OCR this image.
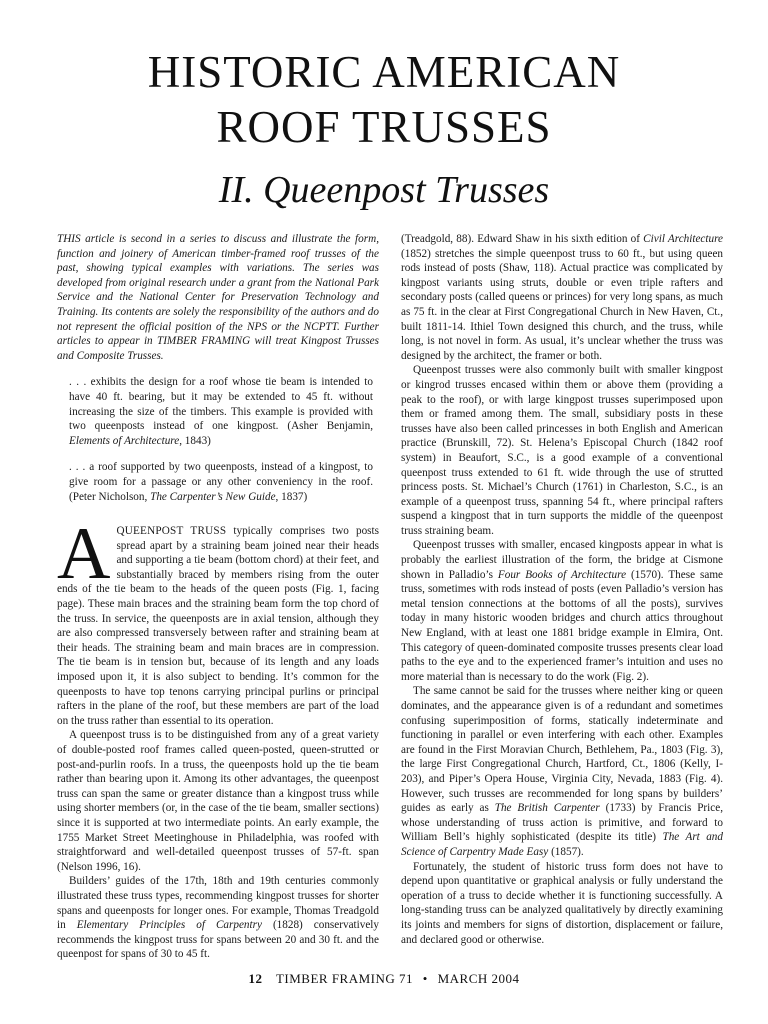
HISTORIC AMERICAN
ROOF TRUSSES
II. Queenpost Trusses

THIS article is second in a series to discuss and illustrate the form, function and joinery of American timber-framed roof trusses of the past, showing typical examples with variations. The series was developed from original research under a grant from the National Park Service and the National Center for Preservation Technology and Training. Its contents are solely the responsibility of the authors and do not represent the official position of the NPS or the NCPTT. Further articles to appear in TIMBER FRAMING will treat Kingpost Trusses and Composite Trusses.

. . . exhibits the design for a roof whose tie beam is intended to have 40 ft. bearing, but it may be extended to 45 ft. without increasing the size of the timbers. This example is provided with two queenposts instead of one kingpost. (Asher Benjamin, Elements of Architecture, 1843)

. . . a roof supported by two queenposts, instead of a kingpost, to give room for a passage or any other conveniency in the roof. (Peter Nicholson, The Carpenter’s New Guide, 1837)

AQUEENPOST TRUSS typically comprises two posts spread apart by a straining beam joined near their heads and supporting a tie beam (bottom chord) at their feet, and substantially braced by members rising from the outer ends of the tie beam to the heads of the queen posts (Fig. 1, facing page). These main braces and the straining beam form the top chord of the truss. In service, the queenposts are in axial tension, although they are also compressed transversely between rafter and straining beam at their heads. The straining beam and main braces are in compression. The tie beam is in tension but, because of its length and any loads imposed upon it, it is also subject to bending. It’s common for the queenposts to have top tenons carrying principal purlins or principal rafters in the plane of the roof, but these members are part of the load on the truss rather than essential to its operation.

A queenpost truss is to be distinguished from any of a great variety of double-posted roof frames called queen-posted, queen-strutted or post-and-purlin roofs. In a truss, the queenposts hold up the tie beam rather than bearing upon it. Among its other advantages, the queenpost truss can span the same or greater distance than a kingpost truss while using shorter members (or, in the case of the tie beam, smaller sections) since it is supported at two intermediate points. An early example, the 1755 Market Street Meetinghouse in Philadelphia, was roofed with straightforward and well-detailed queenpost trusses of 57-ft. span (Nelson 1996, 16).

Builders’ guides of the 17th, 18th and 19th centuries commonly illustrated these truss types, recommending kingpost trusses for shorter spans and queenposts for longer ones. For example, Thomas Treadgold in Elementary Principles of Carpentry (1828) conservatively recommends the kingpost truss for spans between 20 and 30 ft. and the queenpost for spans of 30 to 45 ft.

(Treadgold, 88). Edward Shaw in his sixth edition of Civil Architecture (1852) stretches the simple queenpost truss to 60 ft., but using queen rods instead of posts (Shaw, 118). Actual practice was complicated by kingpost variants using struts, double or even triple rafters and secondary posts (called queens or princes) for very long spans, as much as 75 ft. in the clear at First Congregational Church in New Haven, Ct., built 1811-14. Ithiel Town designed this church, and the truss, while long, is not novel in form. As usual, it’s unclear whether the truss was designed by the architect, the framer or both.

Queenpost trusses were also commonly built with smaller kingpost or kingrod trusses encased within them or above them (providing a peak to the roof), or with large kingpost trusses superimposed upon them or framed among them. The small, subsidiary posts in these trusses have also been called princesses in both English and American practice (Brunskill, 72). St. Helena’s Episcopal Church (1842 roof system) in Beaufort, S.C., is a good example of a conventional queenpost truss extended to 61 ft. wide through the use of strutted princess posts. St. Michael’s Church (1761) in Charleston, S.C., is an example of a queenpost truss, spanning 54 ft., where principal rafters suspend a kingpost that in turn supports the middle of the queenpost truss straining beam.

Queenpost trusses with smaller, encased kingposts appear in what is probably the earliest illustration of the form, the bridge at Cismone shown in Palladio’s Four Books of Architecture (1570). These same truss, sometimes with rods instead of posts (even Palladio’s version has metal tension connections at the bottoms of all the posts), survives today in many historic wooden bridges and church attics throughout New England, with at least one 1881 bridge example in Elmira, Ont. This category of queen-dominated composite trusses presents clear load paths to the eye and to the experienced framer’s intuition and uses no more material than is necessary to do the work (Fig. 2).

The same cannot be said for the trusses where neither king or queen dominates, and the appearance given is of a redundant and sometimes confusing superimposition of forms, statically indeterminate and functioning in parallel or even interfering with each other. Examples are found in the First Moravian Church, Bethlehem, Pa., 1803 (Fig. 3), the large First Congregational Church, Hartford, Ct., 1806 (Kelly, I-203), and Piper’s Opera House, Virginia City, Nevada, 1883 (Fig. 4). However, such trusses are recommended for long spans by builders’ guides as early as The British Carpenter (1733) by Francis Price, whose understanding of truss action is primitive, and forward to William Bell’s highly sophisticated (despite its title) The Art and Science of Carpentry Made Easy (1857).

Fortunately, the student of historic truss form does not have to depend upon quantitative or graphical analysis or fully understand the operation of a truss to decide whether it is functioning successfully. A long-standing truss can be analyzed qualitatively by directly examining its joints and members for signs of distortion, displacement or failure, and declared good or otherwise.

12 TIMBER FRAMING 71 • MARCH 2004
